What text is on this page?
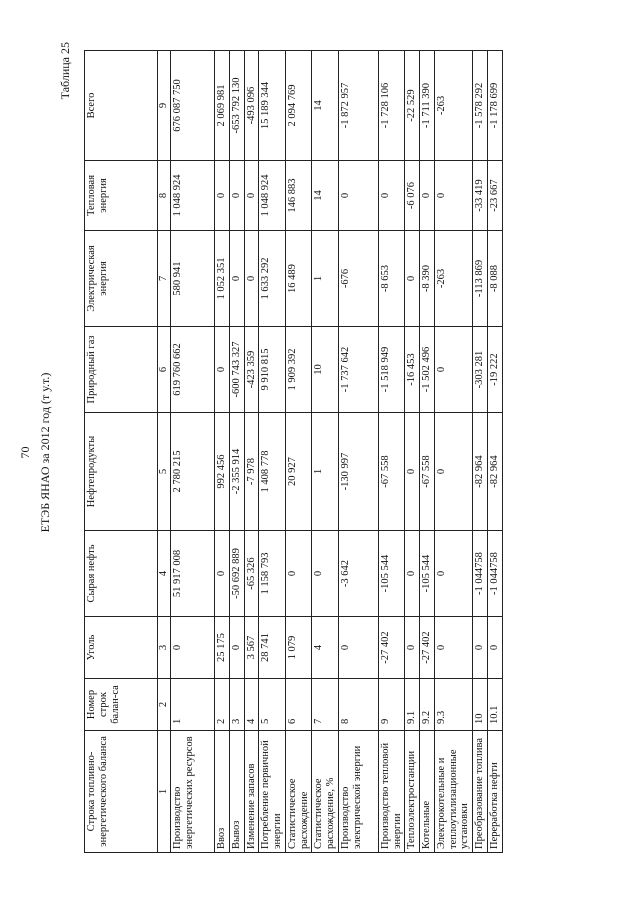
70 ЕТЭБ ЯНАО за 2012 год (т у.т.)
Таблица 25
Строка топливно-энергетического баланса	Номер строк балан-са	Уголь	Сырая нефть	Нефтепродукты	Природный газ	Электрическая энергия	Тепловая энергия	Всего
1	2	3	4	5	6	7	8	9
Производство энергетических ресурсов	1	0	51 917 008	2 780 215	619 760 662	580 941	1 048 924	676 087 750
Ввоз	2	25 175	0	992 456	0	1 052 351	0	2 069 981
Вывоз	3	0	-50 692 889	-2 355 914	-600 743 327	0	0	-653 792 130
Изменение запасов	4	3 567	-65 326	-7 978	-423 359	0	0	-493 096
Потребление первичной энергии	5	28 741	1 158 793	1 408 778	9 910 815	1 633 292	1 048 924	15 189 344
Статистическое расхождение	6	1 079	0	20 927	1 909 392	16 489	146 883	2 094 769
Статистическое расхождение, %	7	4	0	1	10	1	14	14
Производство электрической энергии	8	0	-3 642	-130 997	-1 737 642	-676	0	-1 872 957
Производство тепловой энергии	9	-27 402	-105 544	-67 558	-1 518 949	-8 653	0	-1 728 106
Теплоэлектростанции	9.1	0	0	0	-16 453	0	-6 076	-22 529
Котельные	9.2	-27 402	-105 544	-67 558	-1 502 496	-8 390	0	-1 711 390
Электрокотельные и теплоутилизационные установки	9.3	0	0	0	0	-263	0	-263
Преобразование топлива	10	0	-1 044758	-82 964	-303 281	-113 869	-33 419	-1 578 292
Переработка нефти	10.1	0	-1 044758	-82 964	-19 222	-8 088	-23 667	-1 178 699
